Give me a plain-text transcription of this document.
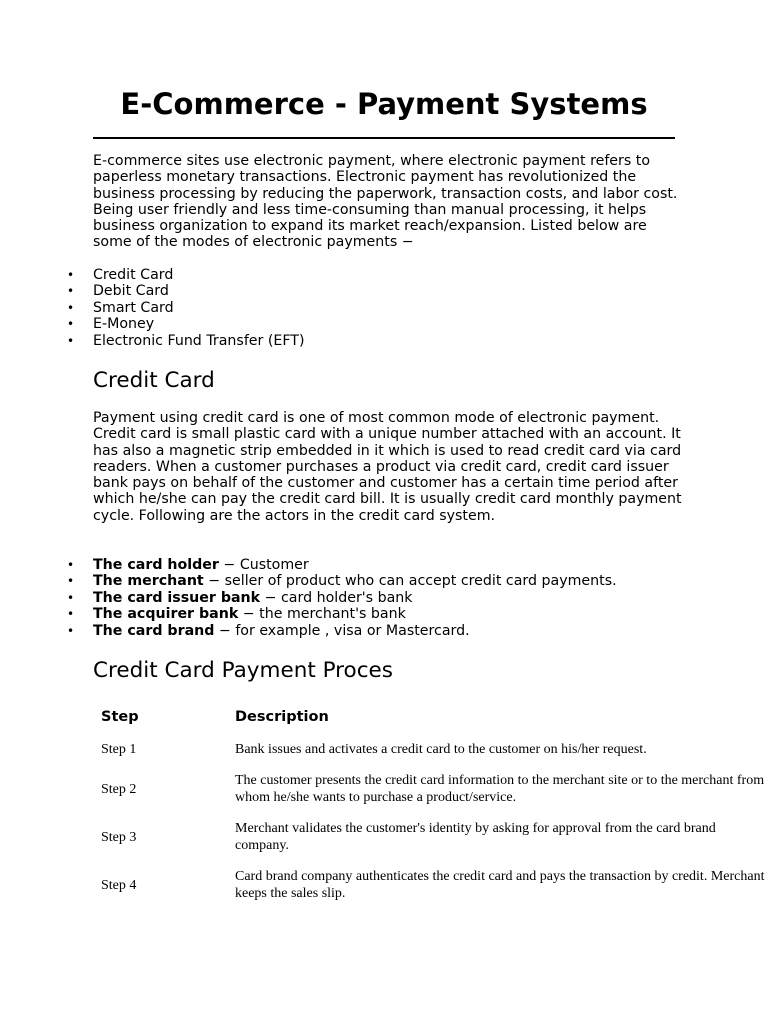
E-Commerce - Payment Systems

E-commerce sites use electronic payment, where electronic payment refers to paperless monetary transactions. Electronic payment has revolutionized the business processing by reducing the paperwork, transaction costs, and labor cost. Being user friendly and less time-consuming than manual processing, it helps business organization to expand its market reach/expansion. Listed below are some of the modes of electronic payments −

• Credit Card
• Debit Card
• Smart Card
• E-Money
• Electronic Fund Transfer (EFT)
Credit Card

Payment using credit card is one of most common mode of electronic payment. Credit card is small plastic card with a unique number attached with an account. It has also a magnetic strip embedded in it which is used to read credit card via card readers. When a customer purchases a product via credit card, credit card issuer bank pays on behalf of the customer and customer has a certain time period after which he/she can pay the credit card bill. It is usually credit card monthly payment cycle. Following are the actors in the credit card system.

• The card holder − Customer
• The merchant − seller of product who can accept credit card payments.
• The card issuer bank − card holder's bank
• The acquirer bank − the merchant's bank
• The card brand − for example , visa or Mastercard.
Credit Card Payment Proces
Step	Description
Step 1	Bank issues and activates a credit card to the customer on his/her request.
Step 2
The customer presents the credit card information to the merchant site or to the merchant from whom he/she wants to purchase a product/service.
Step 3
Merchant validates the customer's identity by asking for approval from the card brand company.
Step 4
Card brand company authenticates the credit card and pays the transaction by credit. Merchant keeps the sales slip.
